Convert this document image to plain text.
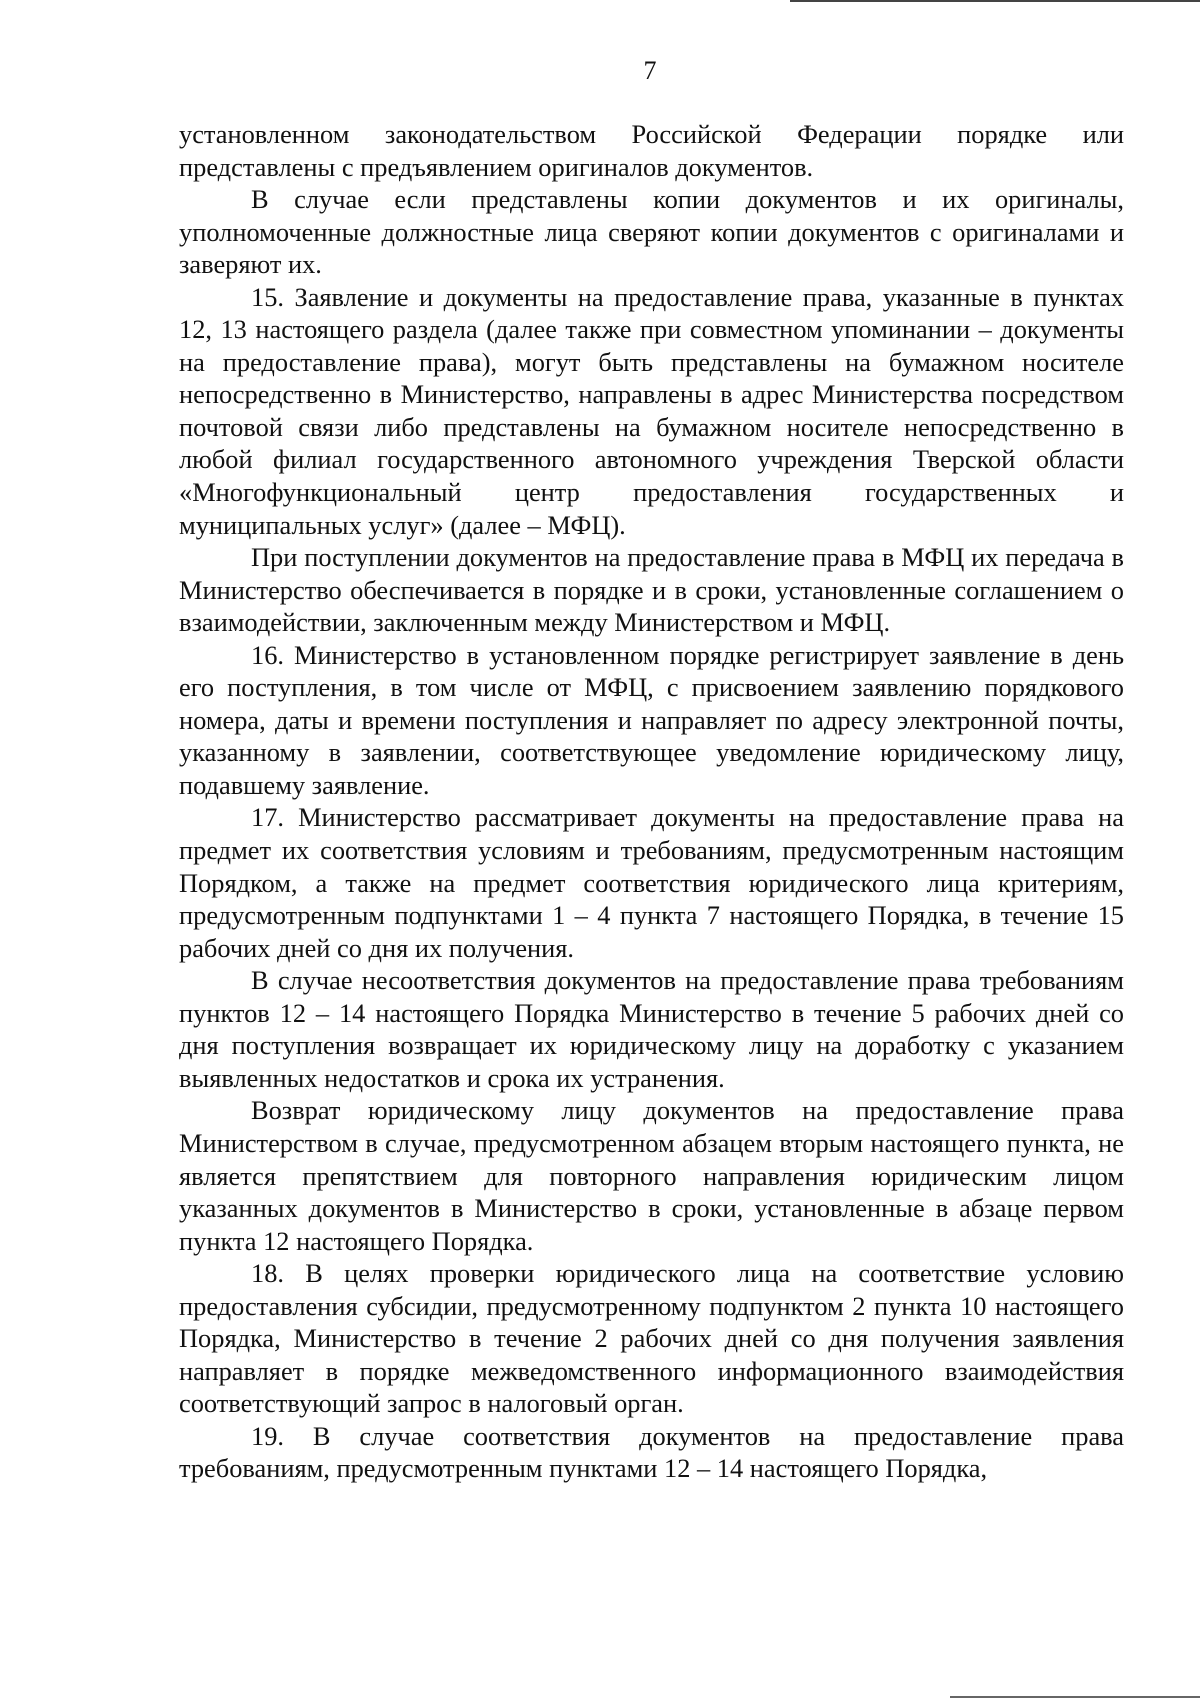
7

установленном законодательством Российской Федерации порядке или представлены с предъявлением оригиналов документов.

В случае если представлены копии документов и их оригиналы, уполномоченные должностные лица сверяют копии документов с оригиналами и заверяют их.

15. Заявление и документы на предоставление права, указанные в пунктах 12, 13 настоящего раздела (далее также при совместном упоминании – документы на предоставление права), могут быть представлены на бумажном носителе непосредственно в Министерство, направлены в адрес Министерства посредством почтовой связи либо представлены на бумажном носителе непосредственно в любой филиал государственного автономного учреждения Тверской области «Многофункциональный центр предоставления государственных и муниципальных услуг» (далее – МФЦ).

При поступлении документов на предоставление права в МФЦ их передача в Министерство обеспечивается в порядке и в сроки, установленные соглашением о взаимодействии, заключенным между Министерством и МФЦ.

16. Министерство в установленном порядке регистрирует заявление в день его поступления, в том числе от МФЦ, с присвоением заявлению порядкового номера, даты и времени поступления и направляет по адресу электронной почты, указанному в заявлении, соответствующее уведомление юридическому лицу, подавшему заявление.

17. Министерство рассматривает документы на предоставление права на предмет их соответствия условиям и требованиям, предусмотренным настоящим Порядком, а также на предмет соответствия юридического лица критериям, предусмотренным подпунктами 1 – 4 пункта 7 настоящего Порядка, в течение 15 рабочих дней со дня их получения.

В случае несоответствия документов на предоставление права требованиям пунктов 12 – 14 настоящего Порядка Министерство в течение 5 рабочих дней со дня поступления возвращает их юридическому лицу на доработку с указанием выявленных недостатков и срока их устранения.

Возврат юридическому лицу документов на предоставление права Министерством в случае, предусмотренном абзацем вторым настоящего пункта, не является препятствием для повторного направления юридическим лицом указанных документов в Министерство в сроки, установленные в абзаце первом пункта 12 настоящего Порядка.

18. В целях проверки юридического лица на соответствие условию предоставления субсидии, предусмотренному подпунктом 2 пункта 10 настоящего Порядка, Министерство в течение 2 рабочих дней со дня получения заявления направляет в порядке межведомственного информационного взаимодействия соответствующий запрос в налоговый орган.

19. В случае соответствия документов на предоставление права требованиям, предусмотренным пунктами 12 – 14 настоящего Порядка,
